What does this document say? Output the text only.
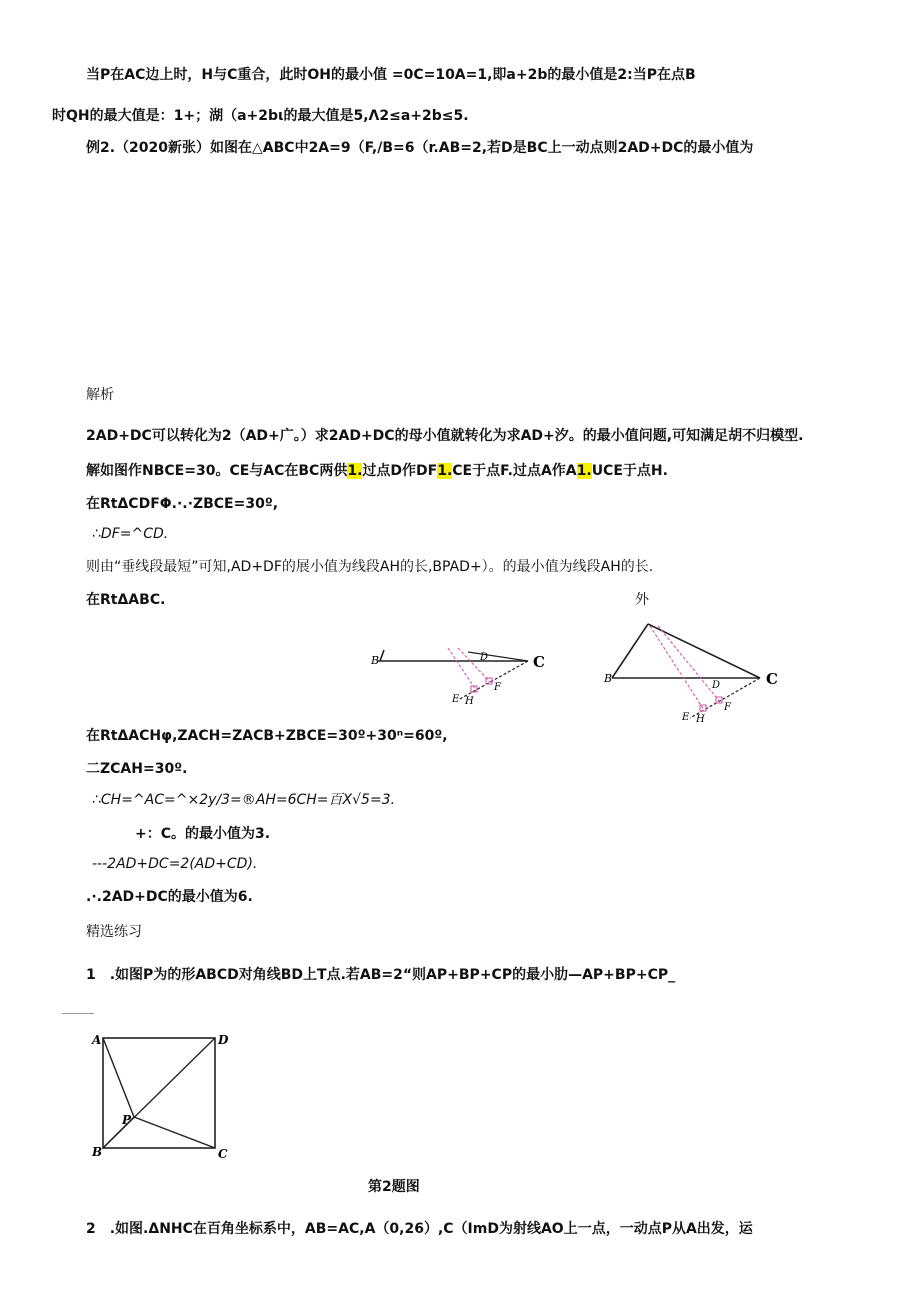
当P在AC边上时，H与C重合，此时OH的最小值 =0C=10A=1,即a+2b的最小值是2:当P在点B
时QH的最大值是：1+；湖（a+2bι的最大值是5,Λ2≤a+2b≤5.
例2.（2020新张）如图在△ABC中2A=9（F,/B=6（r.AB=2,若D是BC上一动点则2AD+DC的最小值为
解析
2AD+DC可以转化为2（AD+广。）求2AD+DC的母小值就转化为求AD+汐。的最小值问题,可知满足胡不归模型.
解如图作NBCE=30。CE与AC在BC两供1.过点D作DF1.CE于点F.过点A作A1.UCE于点H.
在RtΔCDFΦ.∙.∙ZBCE=30º,
∴DF=^CD.
则由“垂线段最短”可知,AD+DF的展小值为线段AH的长,BPAD+）。的最小值为线段AH的长.
在RtΔABC.	外
B	C
D
E H
F
B	C
D
E H
F
在RtΔACHφ,ZACH=ZACB+ZBCE=30º+30ⁿ=60º,
二ZCAH=30º.
∴CH=^AC=^×2y∕3=®AH=6CH=百X√5=3.
+：C。的最小值为3.
---2AD+DC=2(AD+CD).
.∙.2AD+DC的最小值为6.
精选练习
1　.如图P为的形ABCD对角线BD上T点.若AB=2“则AP+BP+CP的最小肋—AP+BP+CP_
A
B	C
D
P
第2题图
2　.如图.ΔNHC在百角坐标系中，AB=AC,A（0,26）,C（ImD为射线AO上一点，一动点P从A出发，运
